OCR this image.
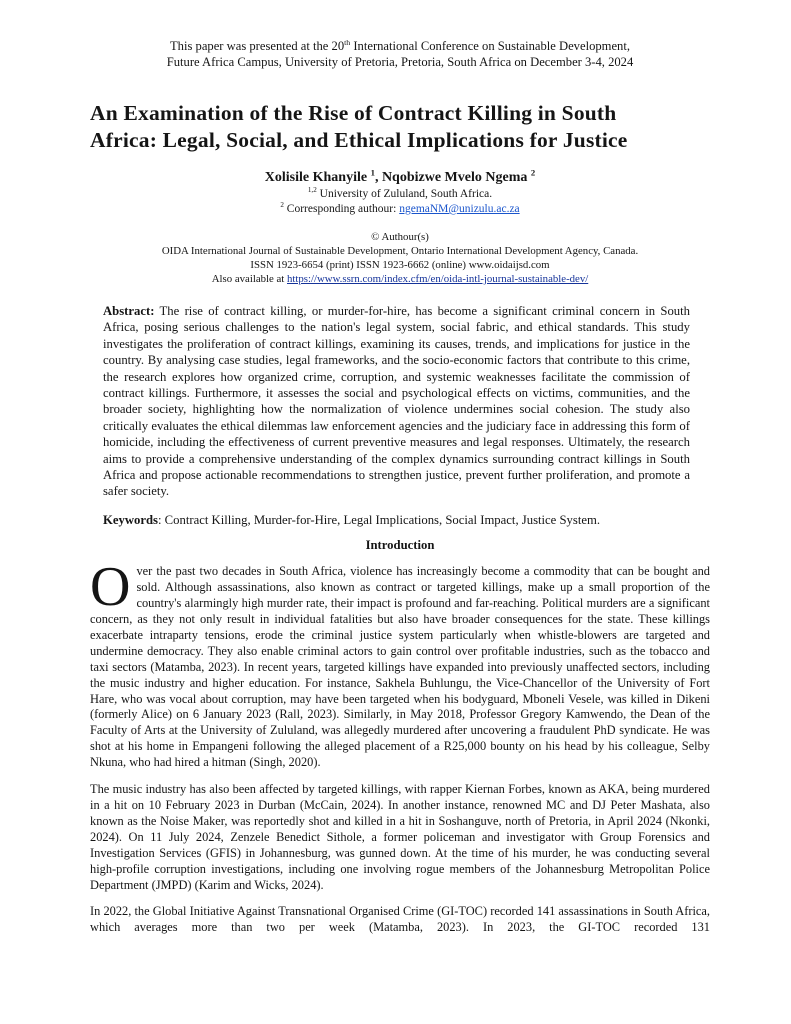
This paper was presented at the 20th International Conference on Sustainable Development,
Future Africa Campus, University of Pretoria, Pretoria, South Africa on December 3-4, 2024

An Examination of the Rise of Contract Killing in South
Africa: Legal, Social, and Ethical Implications for Justice

Xolisile Khanyile $^1$, Nqobizwe Mvelo Ngema $^2$

$^{1,2}$ University of Zululand, South Africa.

$^2$ Corresponding authour: ngemaNM@unizulu.ac.za

© Authour(s)

OIDA International Journal of Sustainable Development, Ontario International Development Agency, Canada.

ISSN 1923-6654 (print) ISSN 1923-6662 (online) www.oidaijsd.com

Also available at https://www.ssrn.com/index.cfm/en/oida-intl-journal-sustainable-dev/

Abstract: The rise of contract killing, or murder-for-hire, has become a significant criminal concern in South Africa, posing serious challenges to the nation's legal system, social fabric, and ethical standards. This study investigates the proliferation of contract killings, examining its causes, trends, and implications for justice in the country. By analysing case studies, legal frameworks, and the socio-economic factors that contribute to this crime, the research explores how organized crime, corruption, and systemic weaknesses facilitate the commission of contract killings. Furthermore, it assesses the social and psychological effects on victims, communities, and the broader society, highlighting how the normalization of violence undermines social cohesion. The study also critically evaluates the ethical dilemmas law enforcement agencies and the judiciary face in addressing this form of homicide, including the effectiveness of current preventive measures and legal responses. Ultimately, the research aims to provide a comprehensive understanding of the complex dynamics surrounding contract killings in South Africa and propose actionable recommendations to strengthen justice, prevent further proliferation, and promote a safer society.

Keywords: Contract Killing, Murder-for-Hire, Legal Implications, Social Impact, Justice System.

Introduction

Over the past two decades in South Africa, violence has increasingly become a commodity that can be bought and sold. Although assassinations, also known as contract or targeted killings, make up a small proportion of the country's alarmingly high murder rate, their impact is profound and far-reaching. Political murders are a significant concern, as they not only result in individual fatalities but also have broader consequences for the state. These killings exacerbate intraparty tensions, erode the criminal justice system particularly when whistle-blowers are targeted and undermine democracy. They also enable criminal actors to gain control over profitable industries, such as the tobacco and taxi sectors (Matamba, 2023). In recent years, targeted killings have expanded into previously unaffected sectors, including the music industry and higher education. For instance, Sakhela Buhlungu, the Vice-Chancellor of the University of Fort Hare, who was vocal about corruption, may have been targeted when his bodyguard, Mboneli Vesele, was killed in Dikeni (formerly Alice) on 6 January 2023 (Rall, 2023). Similarly, in May 2018, Professor Gregory Kamwendo, the Dean of the Faculty of Arts at the University of Zululand, was allegedly murdered after uncovering a fraudulent PhD syndicate. He was shot at his home in Empangeni following the alleged placement of a R25,000 bounty on his head by his colleague, Selby Nkuna, who had hired a hitman (Singh, 2020).

The music industry has also been affected by targeted killings, with rapper Kiernan Forbes, known as AKA, being murdered in a hit on 10 February 2023 in Durban (McCain, 2024). In another instance, renowned MC and DJ Peter Mashata, also known as the Noise Maker, was reportedly shot and killed in a hit in Soshanguve, north of Pretoria, in April 2024 (Nkonki, 2024). On 11 July 2024, Zenzele Benedict Sithole, a former policeman and investigator with Group Forensics and Investigation Services (GFIS) in Johannesburg, was gunned down. At the time of his murder, he was conducting several high-profile corruption investigations, including one involving rogue members of the Johannesburg Metropolitan Police Department (JMPD) (Karim and Wicks, 2024).

In 2022, the Global Initiative Against Transnational Organised Crime (GI-TOC) recorded 141 assassinations in South Africa, which averages more than two per week (Matamba, 2023). In 2023, the GI-TOC recorded 131
